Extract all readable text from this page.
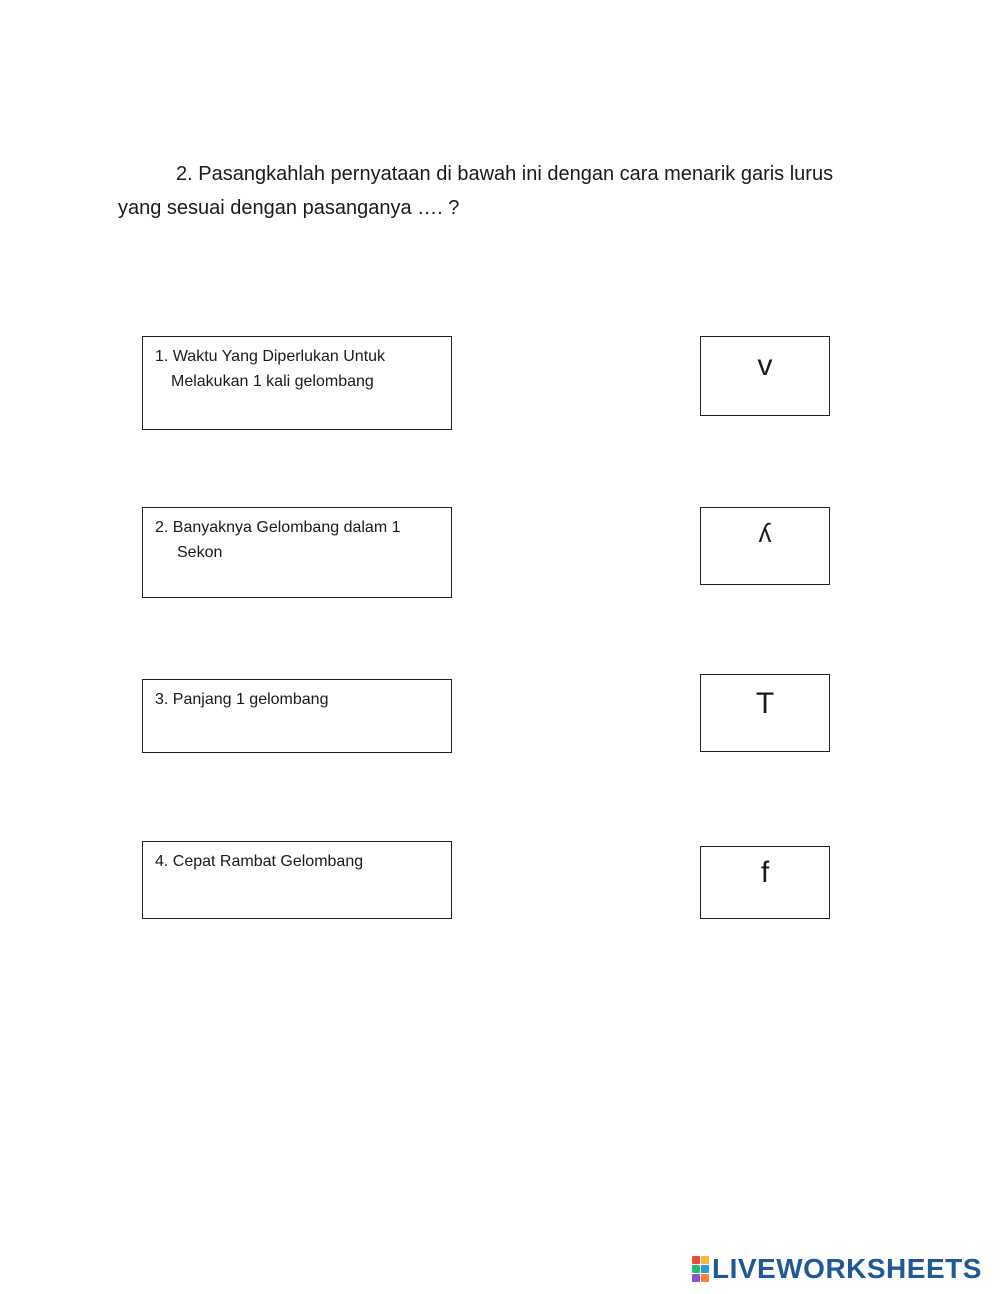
2. Pasangkahlah pernyataan di bawah ini dengan cara menarik garis lurus yang sesuai dengan pasanganya …. ?

1. Waktu Yang Diperlukan Untuk
Melakukan 1 kali gelombang
2. Banyaknya Gelombang dalam 1
Sekon
3. Panjang 1 gelombang
4. Cepat Rambat Gelombang
v
ʎ
T
f
LIVEWORKSHEETS
